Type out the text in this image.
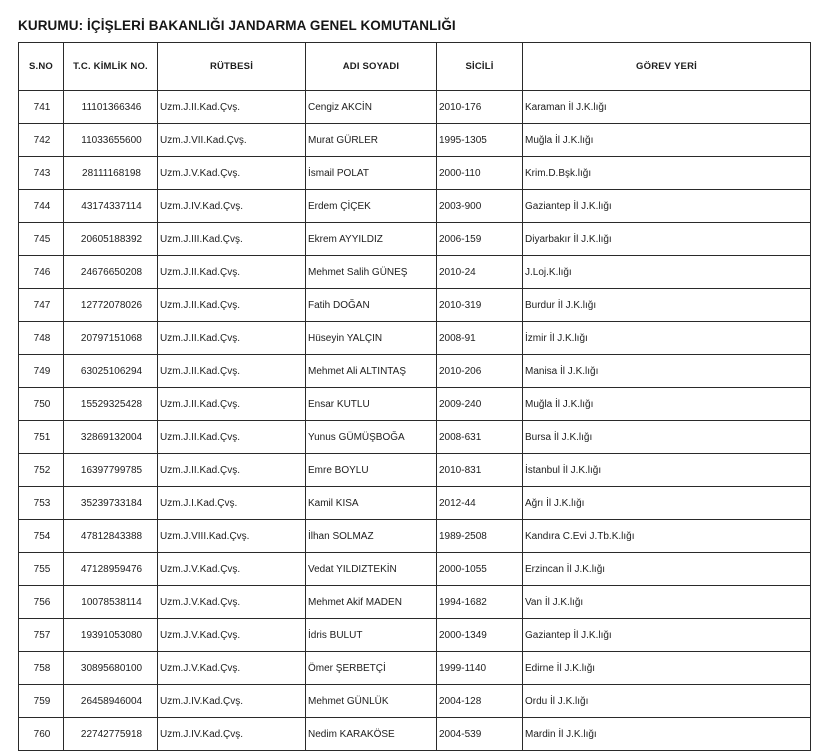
KURUMU: İÇİŞLERİ BAKANLIĞI JANDARMA GENEL KOMUTANLIĞI
S.NO	T.C. KİMLİK NO.	RÜTBESİ	ADI SOYADI	SİCİLİ	GÖREV YERİ
741	11101366346	Uzm.J.II.Kad.Çvş.	Cengiz AKCİN	2010-176	Karaman İl J.K.lığı
742	11033655600	Uzm.J.VII.Kad.Çvş.	Murat GÜRLER	1995-1305	Muğla İl J.K.lığı
743	28111168198	Uzm.J.V.Kad.Çvş.	İsmail POLAT	2000-110	Krim.D.Bşk.lığı
744	43174337114	Uzm.J.IV.Kad.Çvş.	Erdem ÇİÇEK	2003-900	Gaziantep İl J.K.lığı
745	20605188392	Uzm.J.III.Kad.Çvş.	Ekrem AYYILDIZ	2006-159	Diyarbakır İl J.K.lığı
746	24676650208	Uzm.J.II.Kad.Çvş.	Mehmet Salih GÜNEŞ	2010-24	J.Loj.K.lığı
747	12772078026	Uzm.J.II.Kad.Çvş.	Fatih DOĞAN	2010-319	Burdur İl J.K.lığı
748	20797151068	Uzm.J.II.Kad.Çvş.	Hüseyin YALÇIN	2008-91	İzmir İl J.K.lığı
749	63025106294	Uzm.J.II.Kad.Çvş.	Mehmet Ali ALTINTAŞ	2010-206	Manisa İl J.K.lığı
750	15529325428	Uzm.J.II.Kad.Çvş.	Ensar KUTLU	2009-240	Muğla İl J.K.lığı
751	32869132004	Uzm.J.II.Kad.Çvş.	Yunus GÜMÜŞBOĞA	2008-631	Bursa İl J.K.lığı
752	16397799785	Uzm.J.II.Kad.Çvş.	Emre BOYLU	2010-831	İstanbul İl J.K.lığı
753	35239733184	Uzm.J.I.Kad.Çvş.	Kamil KISA	2012-44	Ağrı İl J.K.lığı
754	47812843388	Uzm.J.VIII.Kad.Çvş.	İlhan SOLMAZ	1989-2508	Kandıra C.Evi J.Tb.K.lığı
755	47128959476	Uzm.J.V.Kad.Çvş.	Vedat YILDIZTEKİN	2000-1055	Erzincan İl J.K.lığı
756	10078538114	Uzm.J.V.Kad.Çvş.	Mehmet Akif MADEN	1994-1682	Van İl J.K.lığı
757	19391053080	Uzm.J.V.Kad.Çvş.	İdris BULUT	2000-1349	Gaziantep İl J.K.lığı
758	30895680100	Uzm.J.V.Kad.Çvş.	Ömer ŞERBETÇİ	1999-1140	Edirne İl J.K.lığı
759	26458946004	Uzm.J.IV.Kad.Çvş.	Mehmet GÜNLÜK	2004-128	Ordu İl J.K.lığı
760	22742775918	Uzm.J.IV.Kad.Çvş.	Nedim KARAKÖSE	2004-539	Mardin İl J.K.lığı
